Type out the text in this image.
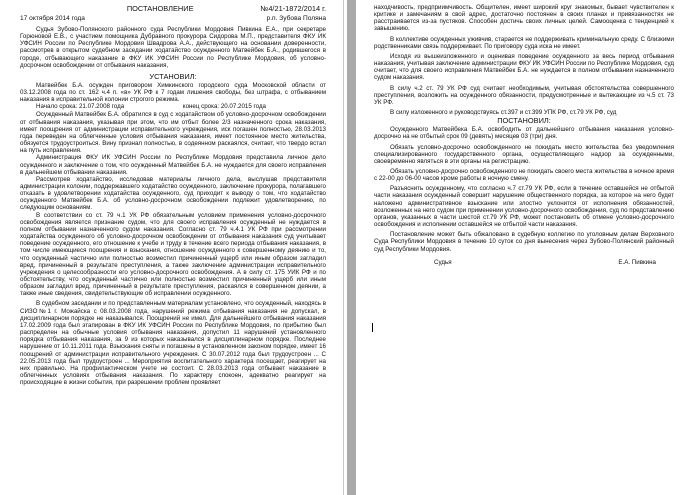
ПОСТАНОВЛЕНИЕ	№4/21-1872/2014 г.
17 октября 2014 года	р.п. Зубова Поляна

Судья Зубово-Полянского районного суда Республики Мордовия Пивкина Е.А., при секретаре Горюновой Е.В., с участием помощника Дубравного прокурора Сидорова М.П., представителя ФКУ ИК УФСИН России по Республике Мордовия Швадрова А.А., действующего на основании доверенности, рассмотрев в открытом судебном заседании ходатайство осужденного Матвейбек Б.А., родившегося в городе, отбывающего наказание в ФКУ ИК УФСИН России по Республике Мордовия, об условно-досрочном освобождении от отбывания наказания,

УСТАНОВИЛ:

Матвейбек Б.А. осужден приговором Химкинского городского суда Московской области от 03.12.2008 года по ст. 162 ч.4 п. «в» УК РФ к 7 годам лишения свободы, без штрафа, с отбыванием наказания в исправительной колонии строгого режима.

Начало срока: 21.07.2008 года	конец срока: 20.07.2015 года

Осужденный Матвейбек Б.А. обратился в суд с ходатайством об условно-досрочном освобождении от отбывания наказания, указывая при этом, что им отбыт более 2/3 назначенного срока наказания, имеет поощрения от администрации исправительного учреждения, иск погашен полностью, 28.03.2013 года переведен на облегченные условия отбывания наказания, имеет постоянное место жительства, обязуется трудоустроиться. Вину признал полностью, в содеянном раскаялся, считает, что твердо встал на путь исправления.

Администрация ФКУ ИК УФСИН России по Республике Мордовия представила личное дело осужденного и заключение о том, что осужденный Матвейбек Б.А. не нуждается для своего исправления в дальнейшем отбывании наказания.

Рассмотрев ходатайство, исследовав материалы личного дела, выслушав представителя администрации колонии, поддержавшего ходатайство осужденного, заключение прокурора, полагавшего отказать в удовлетворении ходатайства осужденного, суд приходит к выводу о том, что ходатайство осужденного Матвейбек Б.А. об условно-досрочном освобождении подлежит удовлетворению, по следующим основаниям.

В соответствии со ст. 79 ч.1 УК РФ обязательным условием применения условно-досрочного освобождения является признание судом, что для своего исправления осужденный не нуждается в полном отбывании назначенного судом наказания. Согласно ст. 79 ч.4.1 УК РФ при рассмотрении ходатайства осужденного об условно-досрочном освобождении от отбывания наказания суд учитывает поведение осужденного, его отношение к учебе и труду в течение всего периода отбывания наказания, в том числе имеющиеся поощрения и взыскания, отношение осужденного к совершенному деянию и то, что осужденный частично или полностью возместил причиненный ущерб или иным образом загладил вред, причиненный в результате преступления, а также заключение администрации исправительного учреждения о целесообразности его условно-досрочного освобождения. А в силу ст. 175 УИК РФ и по обстоятельству, что осужденный частично или полностью возместил причиненный ущерб или иным образом загладил вред, причиненный в результате преступления, раскаялся в совершенном деянии, а также иные сведения, свидетельствующие об исправлении осужденного.

В судебном заседании и по представленным материалам установлено, что осужденный, находясь в СИЗО№1 г. Можайска с 08.03.2008 года, нарушений режима отбывания наказания не допускал, в дисциплинарном порядке не наказывался. Поощрений не имел. Для дальнейшего отбывания наказания 17.02.2009 года был этапирован в ФКУ ИК УФСИН России по Республике Мордовия, по прибытию был распределен на обычные условия отбывания наказания, допустил 11 нарушений установленного порядка отбывания наказания, за 9 из которых наказывался в дисциплинарном порядке. Последнее нарушение от 10.11.2011 года. Взыскания сняты и погашены в установленном законом порядке, имеет 16 поощрений от администрации исправительного учреждения. С 30.07.2012 года был трудоустроен ... С 22.05.2013 года был трудоустроен ... Мероприятия воспитательного характера посещает, реагирует на них правильно. На профилактическом учете не состоит. С 28.03.2013 года отбывает наказание в облегченных условиях отбывания наказания. По характеру спокоен, адекватно реагирует на происходящие в жизни события, при разрешении проблем проявляет

находчивость, предприимчивость. Общителен, имеет широкий круг знакомых, бывает чувствителен к критике и замечаниям в свой адрес, достаточно постоянен в своих планах и привязанностях не расстраивается из-за пустяков. Способен достичь своих личных целей. Самооценка с тенденцией к завышению.

В коллективе осужденных уживчив, старается не поддерживать криминальную среду. С близкими родственниками связь поддерживает. По приговору суда иска не имеет.

Исходя из вышеизложенного и оценивая поведение осужденного за весь период отбывания наказания, учитывая заключение администрации ФКУ ИК УФСИН России по Республике Мордовия, суд считает, что для своего исправления Матвейбек Б.А. не нуждается в полном отбывании назначенного судом наказания.

В силу ч.2 ст. 79 УК РФ суд считает необходимым, учитывая обстоятельства совершенного преступления, возложить на осужденного обязанности, предусмотренные и вытекающие из ч.5 ст. 73 УК РФ.

В силу изложенного и руководствуясь ст.397 и ст.399 УПК РФ, ст.79 УК РФ, суд

ПОСТАНОВИЛ:

Осужденного Матвейбека Б.А. освободить от дальнейшего отбывания наказания условно-досрочно на не отбытый срок 09 (девять) месяцев 03 (три) дня.

Обязать условно-досрочно освобожденного не покидать место жительства без уведомления специализированного государственного органа, осуществляющего надзор за осужденными, своевременно являться в эти органы на регистрацию.

Обязать условно-досрочно освобожденного не покидать своего места жительства в ночное время с 22-00 до 06-00 часов кроме работы в ночную смену.

Разъяснить осужденному, что согласно ч.7 ст.79 УК РФ, если в течение оставшейся не отбытой части наказания осужденный совершит нарушение общественного порядка, за которое на него будет наложено административное взыскание или злостно уклонится от исполнения обязанностей, возложенных на него судом при применении условно-досрочного освобождения, суд по представлению органов, указанных в части шестой ст.79 УК РФ, может постановить об отмене условно-досрочного освобождения и исполнении оставшейся не отбытой части наказания.

Постановление может быть обжаловано в судебную коллегию по уголовным делам Верховного Суда Республики Мордовия в течение 10 суток со дня вынесения через Зубово-Полянский районный суд Республики Мордовия.

Судья	Е.А. Пивкина
